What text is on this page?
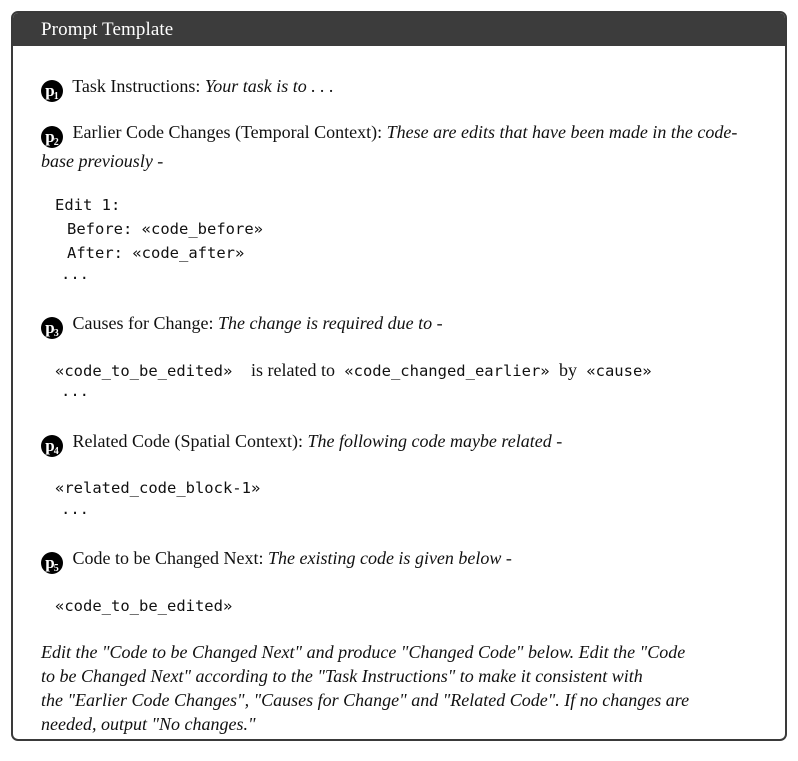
Prompt Template
$p_1$ Task Instructions: Your task is to . . .
$p_2$ Earlier Code Changes (Temporal Context): These are edits that have been made in the code-base previously -
Edit 1:
Before: «code_before»
After: «code_after»
...
$p_3$ Causes for Change: The change is required due to -
«code_to_be_edited» is related to «code_changed_earlier» by «cause»
...
$p_4$ Related Code (Spatial Context): The following code maybe related -
«related_code_block-1»
...
$p_5$ Code to be Changed Next: The existing code is given below -
«code_to_be_edited»
Edit the "Code to be Changed Next" and produce "Changed Code" below. Edit the "Code
to be Changed Next" according to the "Task Instructions" to make it consistent with
the "Earlier Code Changes", "Causes for Change" and "Related Code". If no changes are
needed, output "No changes."
